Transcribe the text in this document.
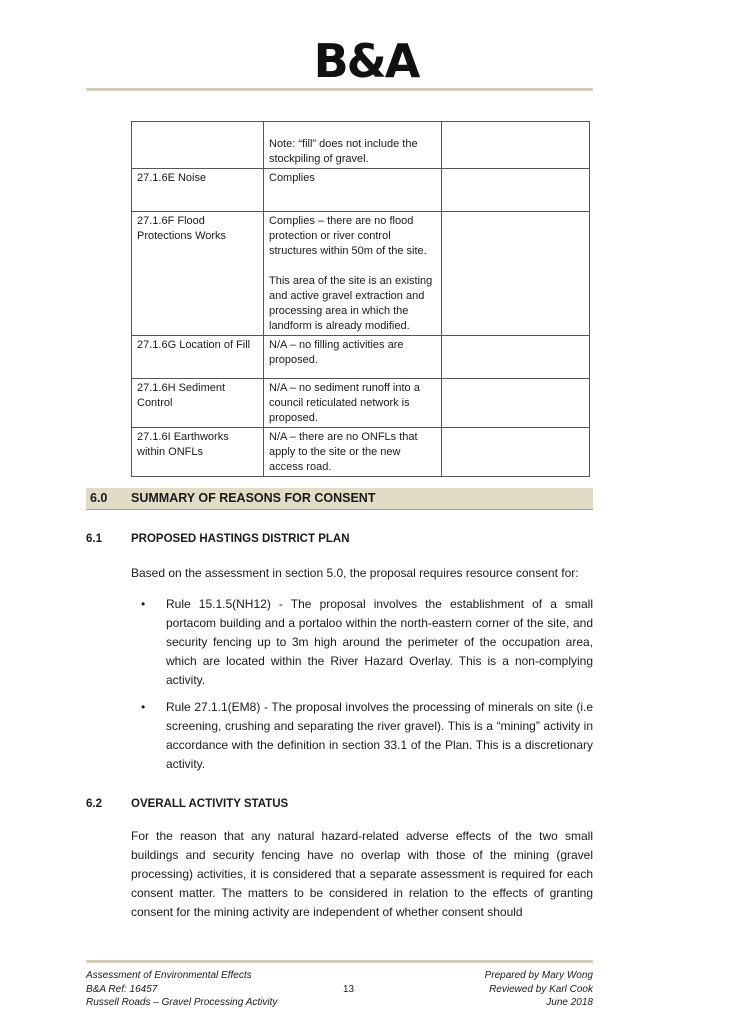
B&A

	Note: “fill” does not include the stockpiling of gravel.	

27.1.6E Noise	Complies	

27.1.6F Flood Protections Works	Complies – there are no flood protection or river control structures within 50m of the site.

This area of the site is an existing and active gravel extraction and processing area in which the landform is already modified.	

27.1.6G Location of Fill	N/A – no filling activities are proposed.	

27.1.6H Sediment Control	N/A – no sediment runoff into a council reticulated network is proposed.	

27.1.6I Earthworks within ONFLs	N/A – there are no ONFLs that apply to the site or the new access road.	

6.0 SUMMARY OF REASONS FOR CONSENT
6.1	PROPOSED HASTINGS DISTRICT PLAN

Based on the assessment in section 5.0, the proposal requires resource consent for:

• Rule 15.1.5(NH12) - The proposal involves the establishment of a small portacom building and a portaloo within the north-eastern corner of the site, and security fencing up to 3m high around the perimeter of the occupation area, which are located within the River Hazard Overlay. This is a non-complying activity.
• Rule 27.1.1(EM8) - The proposal involves the processing of minerals on site (i.e screening, crushing and separating the river gravel). This is a “mining” activity in accordance with the definition in section 33.1 of the Plan. This is a discretionary activity.
6.2	OVERALL ACTIVITY STATUS

For the reason that any natural hazard-related adverse effects of the two small buildings and security fencing have no overlap with those of the mining (gravel processing) activities, it is considered that a separate assessment is required for each consent matter. The matters to be considered in relation to the effects of granting consent for the mining activity are independent of whether consent should

Assessment of Environmental Effects
B&A Ref: 16457
Russell Roads – Gravel Processing Activity
13
Prepared by Mary Wong
Reviewed by Karl Cook
June 2018
